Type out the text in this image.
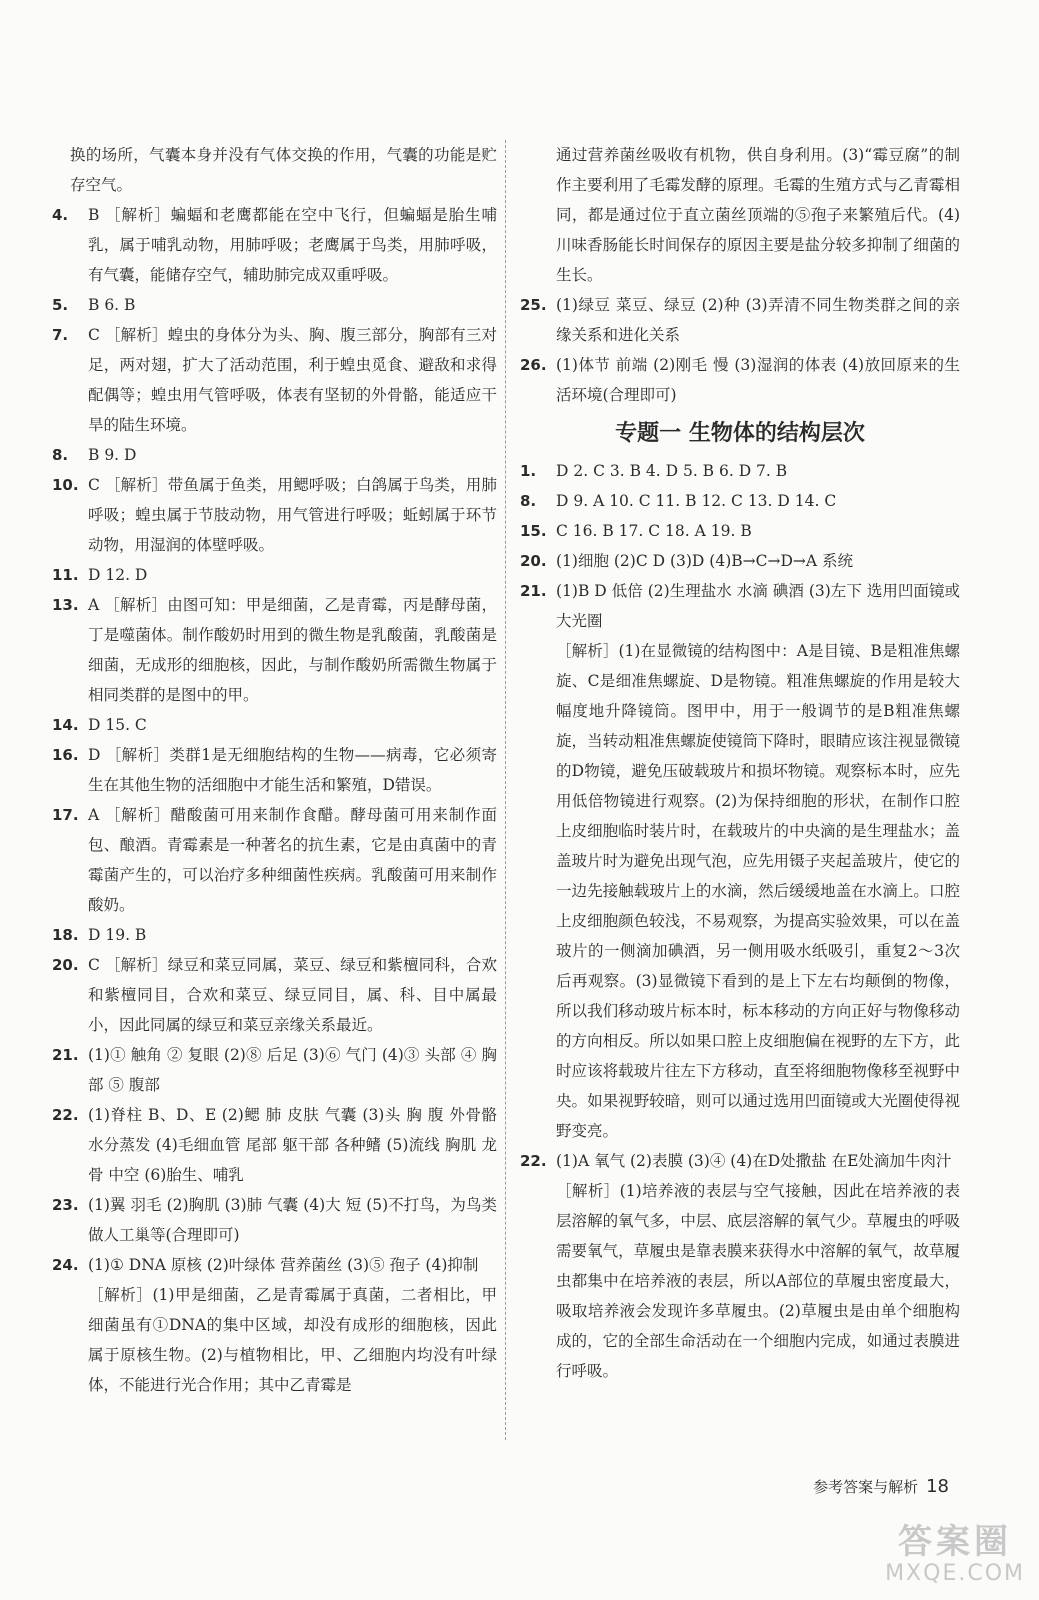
换的场所，气囊本身并没有气体交换的作用，气囊的功能是贮存空气。
4.	B ［解析］蝙蝠和老鹰都能在空中飞行，但蝙蝠是胎生哺乳，属于哺乳动物，用肺呼吸；老鹰属于鸟类，用肺呼吸，有气囊，能储存空气，辅助肺完成双重呼吸。
5.	B 6. B
7.	C ［解析］蝗虫的身体分为头、胸、腹三部分，胸部有三对足，两对翅，扩大了活动范围，利于蝗虫觅食、避敌和求得配偶等；蝗虫用气管呼吸，体表有坚韧的外骨骼，能适应干旱的陆生环境。
8.	B 9. D
10. C ［解析］带鱼属于鱼类，用鳃呼吸；白鸽属于鸟类，用肺呼吸；蝗虫属于节肢动物，用气管进行呼吸；蚯蚓属于环节动物，用湿润的体壁呼吸。
11. D 12. D
13. A ［解析］由图可知：甲是细菌，乙是青霉，丙是酵母菌，丁是噬菌体。制作酸奶时用到的微生物是乳酸菌，乳酸菌是细菌，无成形的细胞核，因此，与制作酸奶所需微生物属于相同类群的是图中的甲。
14. D 15. C
16. D ［解析］类群1是无细胞结构的生物——病毒，它必须寄生在其他生物的活细胞中才能生活和繁殖，D错误。
17. A ［解析］醋酸菌可用来制作食醋。酵母菌可用来制作面包、酿酒。青霉素是一种著名的抗生素，它是由真菌中的青霉菌产生的，可以治疗多种细菌性疾病。乳酸菌可用来制作酸奶。
18. D 19. B
20. C ［解析］绿豆和菜豆同属，菜豆、绿豆和紫檀同科，合欢和紫檀同目，合欢和菜豆、绿豆同目，属、科、目中属最小，因此同属的绿豆和菜豆亲缘关系最近。
21. (1)① 触角 ② 复眼 (2)⑧ 后足 (3)⑥ 气门 (4)③ 头部 ④ 胸部 ⑤ 腹部
22. (1)脊柱 B、D、E (2)鳃 肺 皮肤 气囊 (3)头 胸 腹 外骨骼 水分蒸发 (4)毛细血管 尾部 躯干部 各种鳍 (5)流线 胸肌 龙骨 中空 (6)胎生、哺乳
23. (1)翼 羽毛 (2)胸肌 (3)肺 气囊 (4)大 短 (5)不打鸟，为鸟类做人工巢等(合理即可)
24. (1)① DNA 原核 (2)叶绿体 营养菌丝 (3)⑤ 孢子 (4)抑制
［解析］(1)甲是细菌，乙是青霉属于真菌，二者相比，甲细菌虽有①DNA的集中区域，却没有成形的细胞核，因此属于原核生物。(2)与植物相比，甲、乙细胞内均没有叶绿体，不能进行光合作用；其中乙青霉是
通过营养菌丝吸收有机物，供自身利用。(3)“霉豆腐”的制作主要利用了毛霉发酵的原理。毛霉的生殖方式与乙青霉相同，都是通过位于直立菌丝顶端的⑤孢子来繁殖后代。(4)川味香肠能长时间保存的原因主要是盐分较多抑制了细菌的生长。
25. (1)绿豆 菜豆、绿豆 (2)种 (3)弄清不同生物类群之间的亲缘关系和进化关系
26. (1)体节 前端 (2)刚毛 慢 (3)湿润的体表 (4)放回原来的生活环境(合理即可)
专题一 生物体的结构层次
1.	D 2. C 3. B 4. D 5. B 6. D 7. B
8.	D 9. A 10. C 11. B 12. C 13. D 14. C
15. C 16. B 17. C 18. A 19. B
20. (1)细胞 (2)C D (3)D (4)B→C→D→A 系统
21. (1)B D 低倍 (2)生理盐水 水滴 碘酒 (3)左下 选用凹面镜或大光圈
［解析］(1)在显微镜的结构图中：A是目镜、B是粗准焦螺旋、C是细准焦螺旋、D是物镜。粗准焦螺旋的作用是较大幅度地升降镜筒。图甲中，用于一般调节的是B粗准焦螺旋，当转动粗准焦螺旋使镜筒下降时，眼睛应该注视显微镜的D物镜，避免压破载玻片和损坏物镜。观察标本时，应先用低倍物镜进行观察。(2)为保持细胞的形状，在制作口腔上皮细胞临时装片时，在载玻片的中央滴的是生理盐水；盖盖玻片时为避免出现气泡，应先用镊子夹起盖玻片，使它的一边先接触载玻片上的水滴，然后缓缓地盖在水滴上。口腔上皮细胞颜色较浅，不易观察，为提高实验效果，可以在盖玻片的一侧滴加碘酒，另一侧用吸水纸吸引，重复2～3次后再观察。(3)显微镜下看到的是上下左右均颠倒的物像，所以我们移动玻片标本时，标本移动的方向正好与物像移动的方向相反。所以如果口腔上皮细胞偏在视野的左下方，此时应该将载玻片往左下方移动，直至将细胞物像移至视野中央。如果视野较暗，则可以通过选用凹面镜或大光圈使得视野变亮。
22. (1)A 氧气 (2)表膜 (3)④ (4)在D处撒盐 在E处滴加牛肉汁
［解析］(1)培养液的表层与空气接触，因此在培养液的表层溶解的氧气多，中层、底层溶解的氧气少。草履虫的呼吸需要氧气，草履虫是靠表膜来获得水中溶解的氧气，故草履虫都集中在培养液的表层，所以A部位的草履虫密度最大，吸取培养液会发现许多草履虫。(2)草履虫是由单个细胞构成的，它的全部生命活动在一个细胞内完成，如通过表膜进行呼吸。
参考答案与解析 18
答案圈
MXQE.COM
